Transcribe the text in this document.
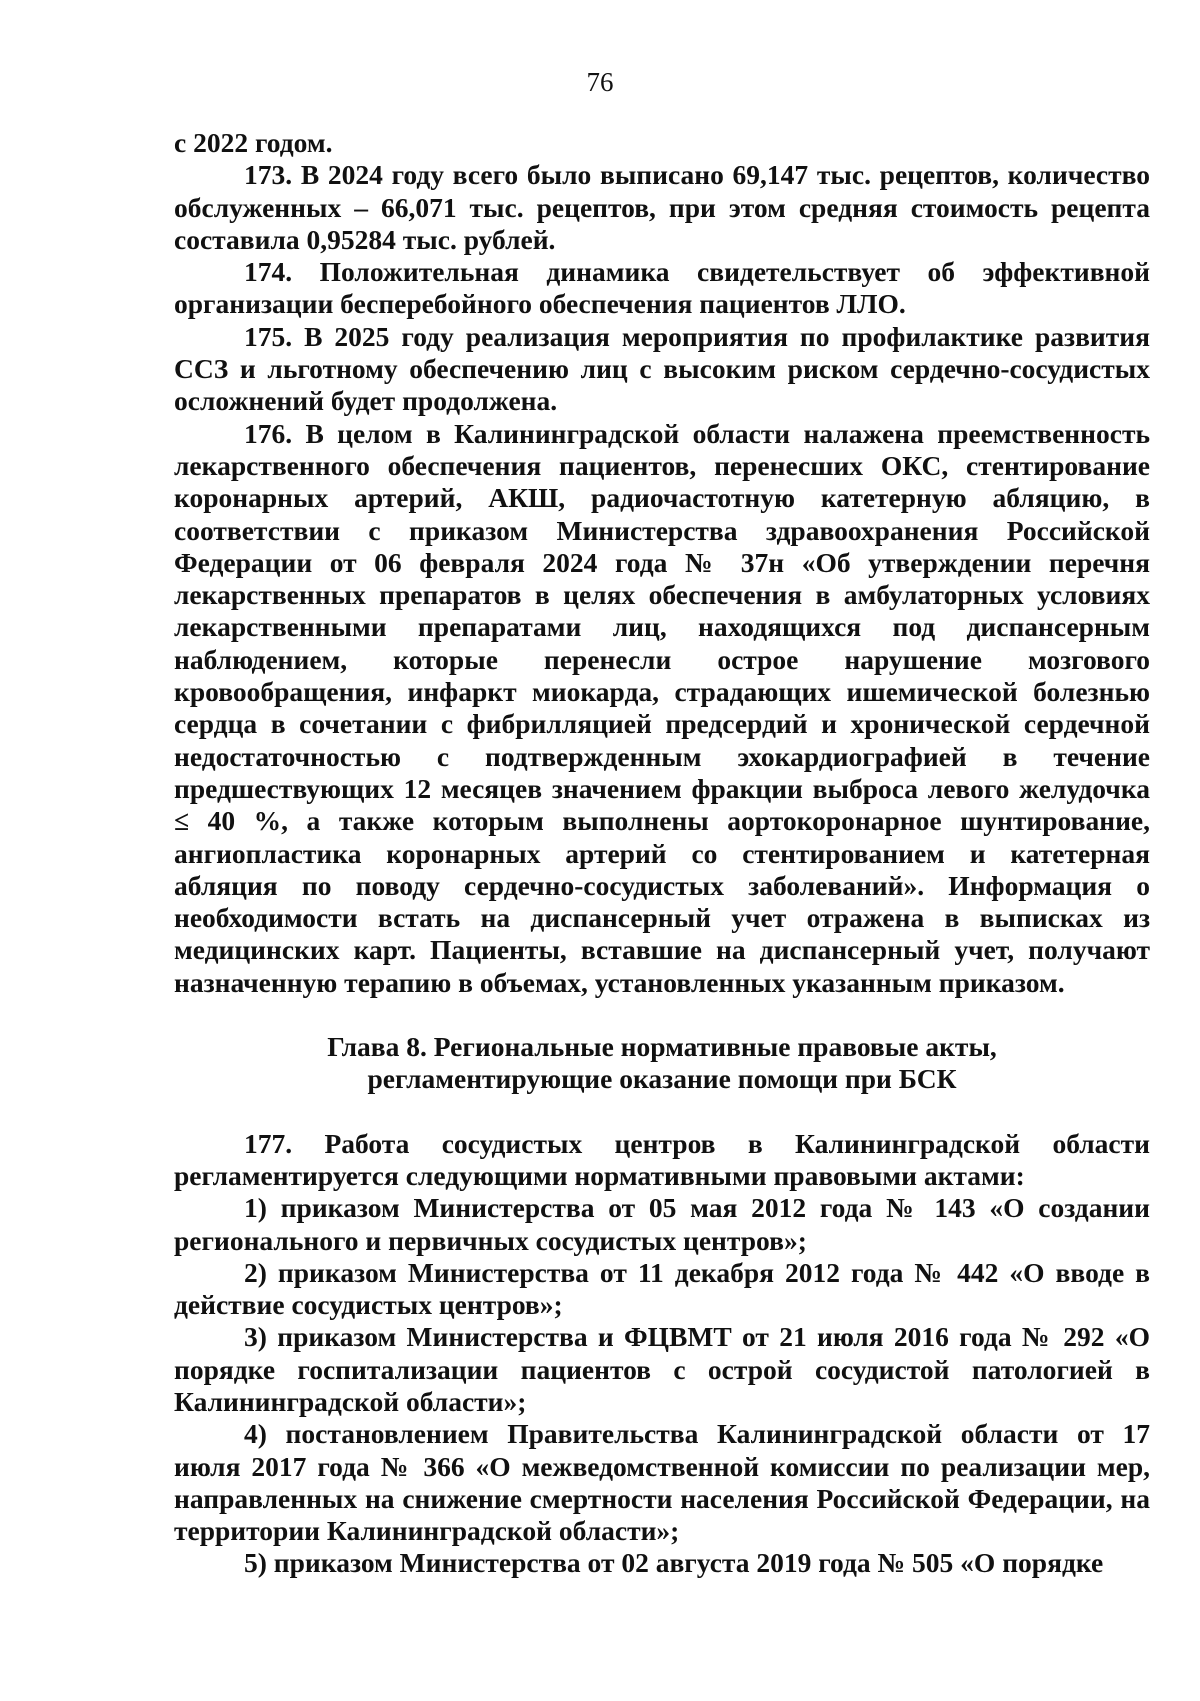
76

с 2022 годом.

173. В 2024 году всего было выписано 69,147 тыс. рецептов, количество обслуженных – 66,071 тыс. рецептов, при этом средняя стоимость рецепта составила 0,95284 тыс. рублей.

174. Положительная динамика свидетельствует об эффективной организации бесперебойного обеспечения пациентов ЛЛО.

175. В 2025 году реализация мероприятия по профилактике развития ССЗ и льготному обеспечению лиц с высоким риском сердечно-сосудистых осложнений будет продолжена.

176. В целом в Калининградской области налажена преемственность лекарственного обеспечения пациентов, перенесших ОКС, стентирование коронарных артерий, АКШ, радиочастотную катетерную абляцию, в соответствии с приказом Министерства здравоохранения Российской Федерации от 06 февраля 2024 года № 37н «Об утверждении перечня лекарственных препаратов в целях обеспечения в амбулаторных условиях лекарственными препаратами лиц, находящихся под диспансерным наблюдением, которые перенесли острое нарушение мозгового кровообращения, инфаркт миокарда, страдающих ишемической болезнью сердца в сочетании с фибрилляцией предсердий и хронической сердечной недостаточностью с подтвержденным эхокардиографией в течение предшествующих 12 месяцев значением фракции выброса левого желудочка ≤ 40 %, а также которым выполнены аортокоронарное шунтирование, ангиопластика коронарных артерий со стентированием и катетерная абляция по поводу сердечно-сосудистых заболеваний». Информация о необходимости встать на диспансерный учет отражена в выписках из медицинских карт. Пациенты, вставшие на диспансерный учет, получают назначенную терапию в объемах, установленных указанным приказом.

Глава 8. Региональные нормативные правовые акты,
регламентирующие оказание помощи при БСК

177. Работа сосудистых центров в Калининградской области регламентируется следующими нормативными правовыми актами:

1) приказом Министерства от 05 мая 2012 года № 143 «О создании регионального и первичных сосудистых центров»;

2) приказом Министерства от 11 декабря 2012 года № 442 «О вводе в действие сосудистых центров»;

3) приказом Министерства и ФЦВМТ от 21 июля 2016 года № 292 «О порядке госпитализации пациентов с острой сосудистой патологией в Калининградской области»;

4) постановлением Правительства Калининградской области от 17 июля 2017 года № 366 «О межведомственной комиссии по реализации мер, направленных на снижение смертности населения Российской Федерации, на территории Калининградской области»;

5) приказом Министерства от 02 августа 2019 года № 505 «О порядке
